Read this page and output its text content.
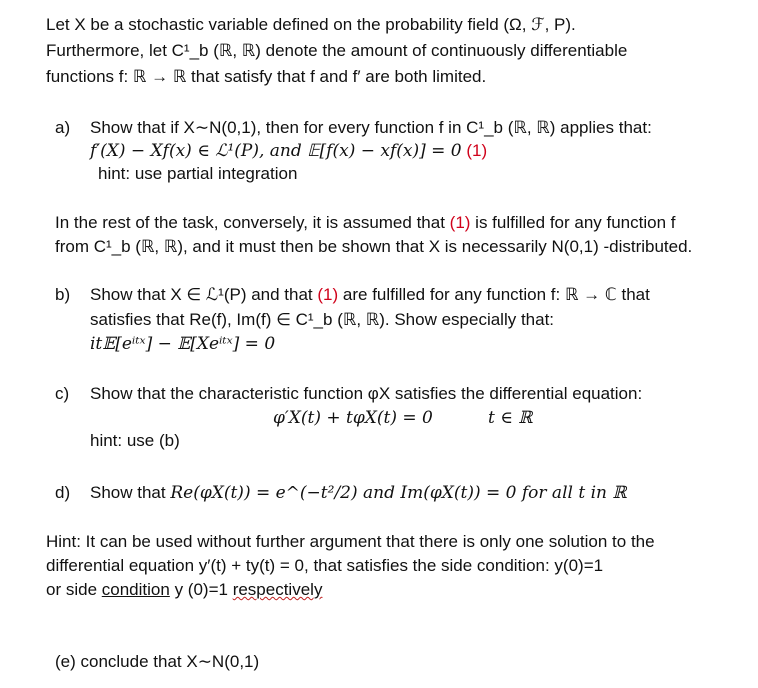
Let X be a stochastic variable defined on the probability field (Ω, ℱ, P).
Furthermore, let C¹_b (ℝ, ℝ) denote the amount of continuously differentiable
functions f: ℝ → ℝ that satisfy that f and f′ are both limited.
a) Show that if X∼N(0,1), then for every function f in C¹_b (ℝ, ℝ) applies that:
f′(X) − Xf(x) ∈ ℒ¹(P), and 𝔼[f(x) − xf(x)] = 0 (1)
hint: use partial integration
In the rest of the task, conversely, it is assumed that (1) is fulfilled for any function f
from C¹_b (ℝ, ℝ), and it must then be shown that X is necessarily N(0,1) -distributed.
b) Show that X ∈ ℒ¹(P) and that (1) are fulfilled for any function f: ℝ → ℂ that
satisfies that Re(f), Im(f) ∈ C¹_b (ℝ, ℝ). Show especially that:
it𝔼[eⁱᵗˣ] − 𝔼[Xeⁱᵗˣ] = 0
c) Show that the characteristic function φX satisfies the differential equation:
φ′X(t) + tφX(t) = 0	t ∈ ℝ
hint: use (b)
d) Show that Re(φX(t)) = e^(−t²/2) and Im(φX(t)) = 0 for all t in ℝ
Hint: It can be used without further argument that there is only one solution to the
differential equation y′(t) + ty(t) = 0, that satisfies the side condition: y(0)=1
or side condition y (0)=1 respectively
(e) conclude that X∼N(0,1)
